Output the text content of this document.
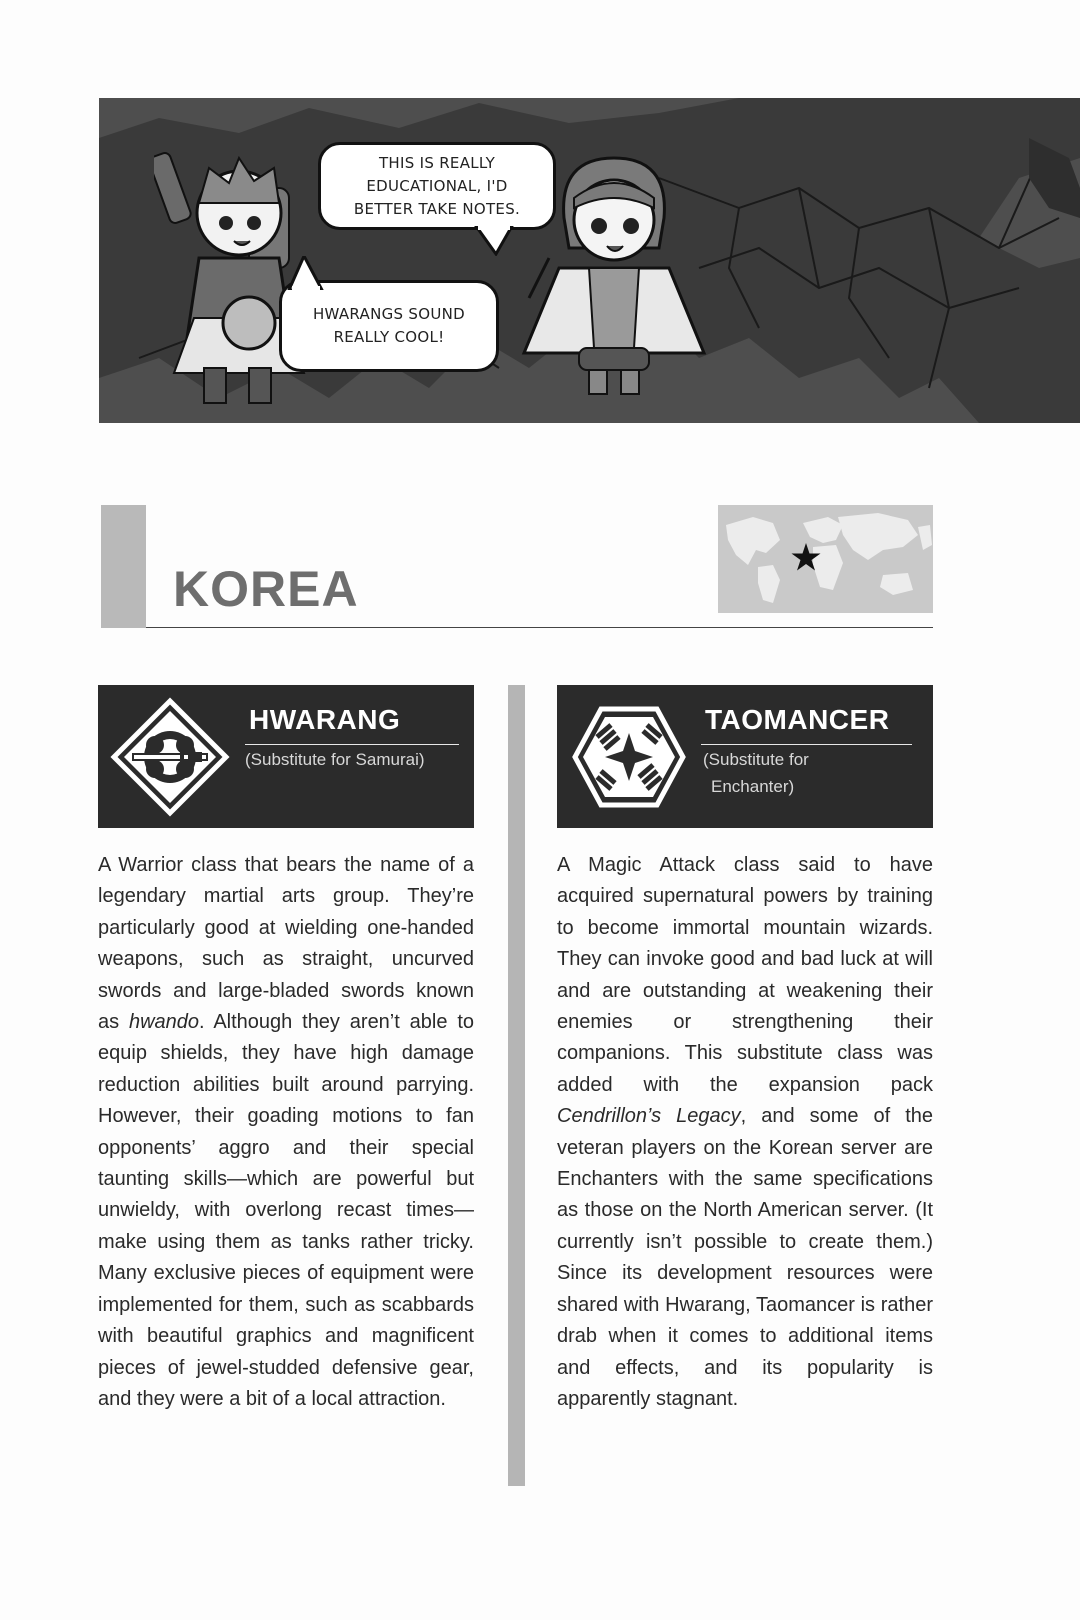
THIS IS REALLY
EDUCATIONAL, I'D
BETTER TAKE NOTES.
HWARANGS SOUND
REALLY COOL!
KOREA
HWARANG
(Substitute for Samurai)
TAOMANCER
(Substitute for
Enchanter)

A Warrior class that bears the name of a legendary martial arts group. They’re particularly good at wielding one-handed weapons, such as straight, uncurved swords and large-bladed swords known as hwando. Although they aren’t able to equip shields, they have high damage reduction abilities built around parrying. However, their goading motions to fan opponents’ aggro and their special taunting skills—which are powerful but unwieldy, with overlong recast times—make using them as tanks rather tricky. Many exclusive pieces of equipment were implemented for them, such as scabbards with beautiful graphics and magnificent pieces of jewel-studded defensive gear, and they were a bit of a local attraction.

A Magic Attack class said to have acquired supernatural powers by training to become immortal mountain wizards. They can invoke good and bad luck at will and are outstanding at weakening their enemies or strengthening their companions. This substitute class was added with the expansion pack Cendrillon’s Legacy, and some of the veteran players on the Korean server are Enchanters with the same specifications as those on the North American server. (It currently isn’t possible to create them.) Since its development resources were shared with Hwarang, Taomancer is rather drab when it comes to additional items and effects, and its popularity is apparently stagnant.
